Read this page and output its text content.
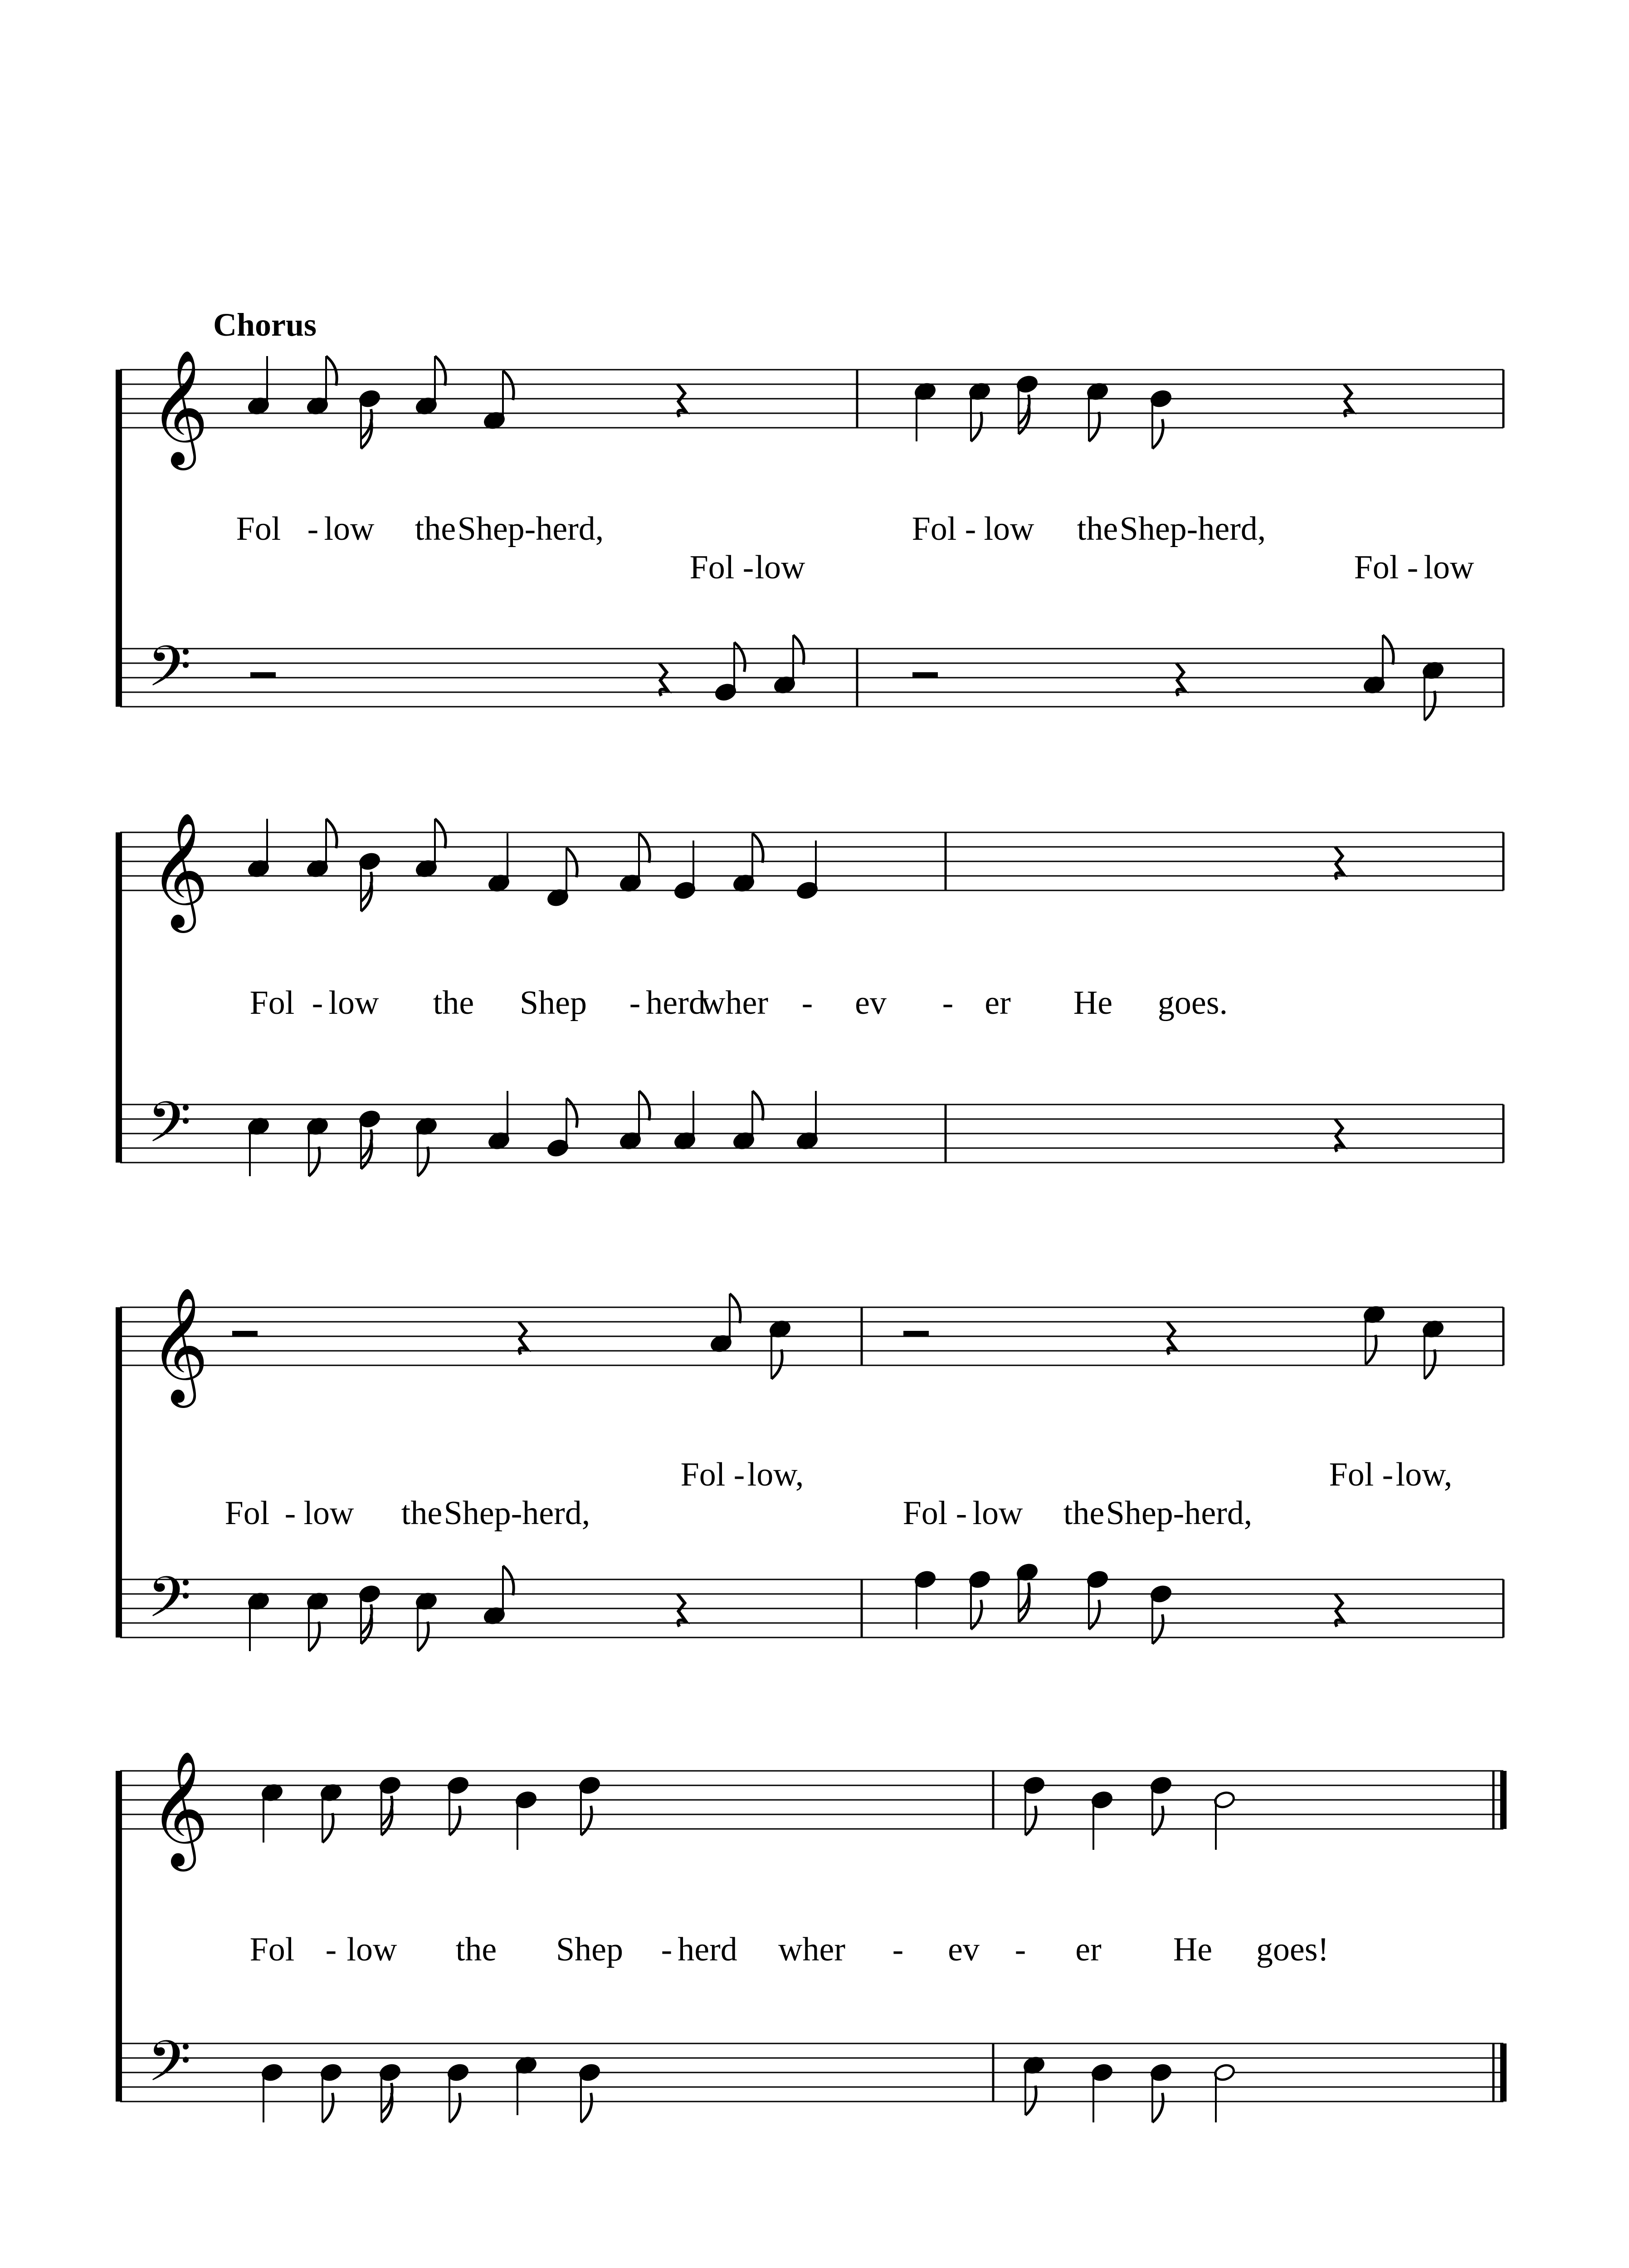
Chorus
𝄞
𝄢
Fol - low the Shep-herd,	Fol - low the Shep-herd,
Fol - low	Fol - low
𝄞
𝄢
Fol - low the Shep - herd
wher - ev - er He goes.
𝄞
𝄢
Fol - low,	Fol - low,
Fol - low the Shep-herd,	Fol - low the Shep-herd,
𝄞
𝄢
Fol - low the Shep - herd wher - ev - er He goes!
